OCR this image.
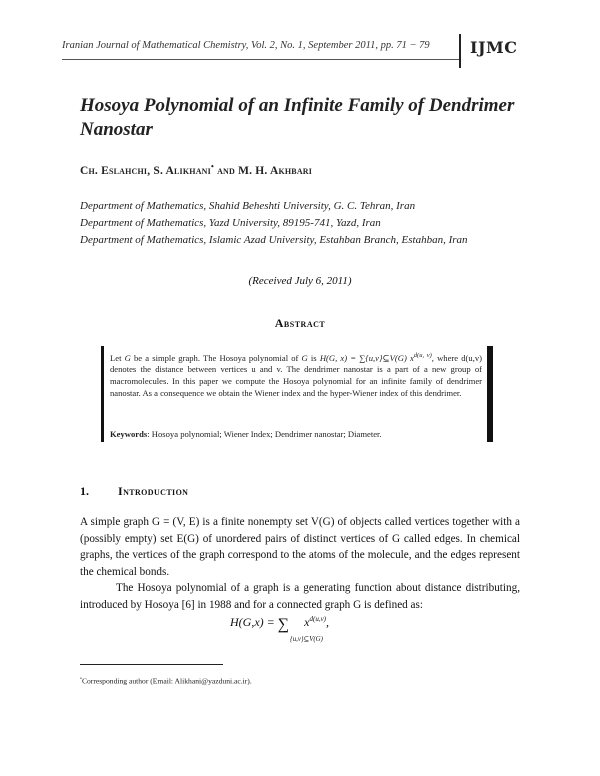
Iranian Journal of Mathematical Chemistry, Vol. 2, No. 1, September 2011, pp. 71 − 79	IJMC
Hosoya Polynomial of an Infinite Family of Dendrimer Nanostar
Ch. Eslahchi, S. Alikhani• and M. H. Akhbari
Department of Mathematics, Shahid Beheshti University, G. C. Tehran, Iran
Department of Mathematics, Yazd University, 89195-741, Yazd, Iran
Department of Mathematics, Islamic Azad University, Estahban Branch, Estahban, Iran
(Received July 6, 2011)
Abstract
Let G be a simple graph. The Hosoya polynomial of G is H(G, x) = ∑{u,v}⊆V(G) $x^{d(u, v)}$, where d(u,v) denotes the distance between vertices u and v. The dendrimer nanostar is a part of a new group of macromolecules. In this paper we compute the Hosoya polynomial for an infinite family of dendrimer nanostar. As a consequence we obtain the Wiener index and the hyper-Wiener index of this dendrimer.
Keywords: Hosoya polynomial; Wiener Index; Dendrimer nanostar; Diameter.
1. Introduction

A simple graph G = (V, E) is a finite nonempty set V(G) of objects called vertices together with a (possibly empty) set E(G) of unordered pairs of distinct vertices of G called edges. In chemical graphs, the vertices of the graph correspond to the atoms of the molecule, and the edges represent the chemical bonds.

The Hosoya polynomial of a graph is a generating function about distance distributing, introduced by Hosoya [6] in 1988 and for a connected graph G is defined as:

H(G,x) = ∑
{u,v}⊆V(G)
$x^{d(u,v)}$,
•Corresponding author (Email: Alikhani@yazduni.ac.ir).
